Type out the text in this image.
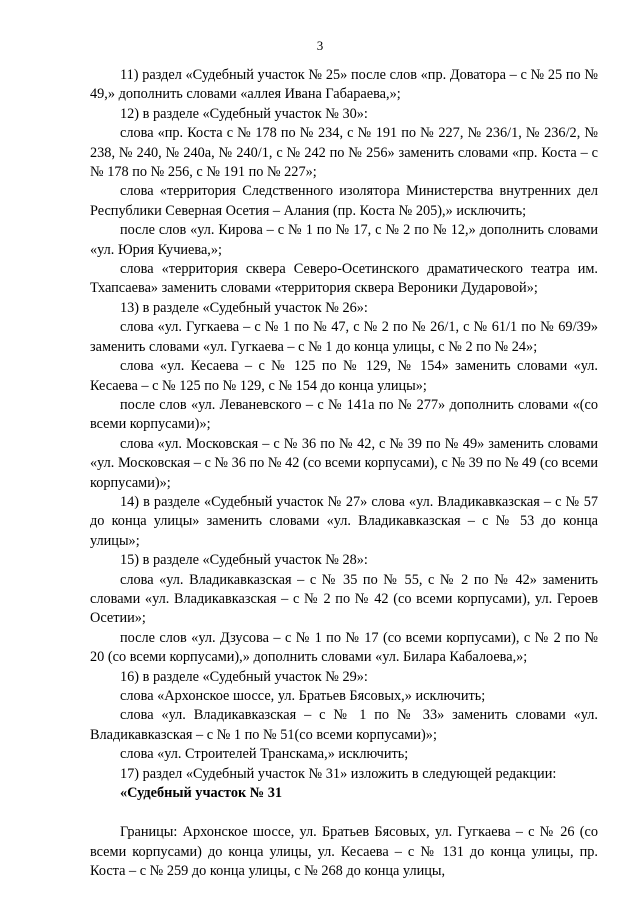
3

11) раздел «Судебный участок № 25» после слов «пр. Доватора – с № 25 по № 49,» дополнить словами «аллея Ивана Габараева,»;

12) в разделе «Судебный участок № 30»:

слова «пр. Коста с № 178 по № 234, с № 191 по № 227, № 236/1, № 236/2, № 238, № 240, № 240а, № 240/1, с № 242 по № 256» заменить словами «пр. Коста – с № 178 по № 256, с № 191 по № 227»;

слова «территория Следственного изолятора Министерства внутренних дел Республики Северная Осетия – Алания (пр. Коста № 205),» исключить;

после слов «ул. Кирова – с № 1 по № 17, с № 2 по № 12,» дополнить словами «ул. Юрия Кучиева,»;

слова «территория сквера Северо-Осетинского драматического театра им. Тхапсаева» заменить словами «территория сквера Вероники Дударовой»;

13) в разделе «Судебный участок № 26»:

слова «ул. Гугкаева – с № 1 по № 47, с № 2 по № 26/1, с № 61/1 по № 69/39» заменить словами «ул. Гугкаева – с № 1 до конца улицы, с № 2 по № 24»;

слова «ул. Кесаева – с № 125 по № 129, № 154» заменить словами «ул. Кесаева – с № 125 по № 129, с № 154 до конца улицы»;

после слов «ул. Леваневского – с № 141а по № 277» дополнить словами «(со всеми корпусами)»;

слова «ул. Московская – с № 36 по № 42, с № 39 по № 49» заменить словами «ул. Московская – с № 36 по № 42 (со всеми корпусами), с № 39 по № 49 (со всеми корпусами)»;

14) в разделе «Судебный участок № 27» слова «ул. Владикавказская – с № 57 до конца улицы» заменить словами «ул. Владикавказская – с № 53 до конца улицы»;

15) в разделе «Судебный участок № 28»:

слова «ул. Владикавказская – с № 35 по № 55, с № 2 по № 42» заменить словами «ул. Владикавказская – с № 2 по № 42 (со всеми корпусами), ул. Героев Осетии»;

после слов «ул. Дзусова – с № 1 по № 17 (со всеми корпусами), с № 2 по № 20 (со всеми корпусами),» дополнить словами «ул. Билара Кабалоева,»;

16) в разделе «Судебный участок № 29»:

слова «Архонское шоссе, ул. Братьев Бясовых,» исключить;

слова «ул. Владикавказская – с № 1 по № 33» заменить словами «ул. Владикавказская – с № 1 по № 51(со всеми корпусами)»;

слова «ул. Строителей Транскама,» исключить;

17) раздел «Судебный участок № 31» изложить в следующей редакции:

«Судебный участок № 31

Границы: Архонское шоссе, ул. Братьев Бясовых, ул. Гугкаева – с № 26 (со всеми корпусами) до конца улицы, ул. Кесаева – с № 131 до конца улицы, пр. Коста – с № 259 до конца улицы, с № 268 до конца улицы,
